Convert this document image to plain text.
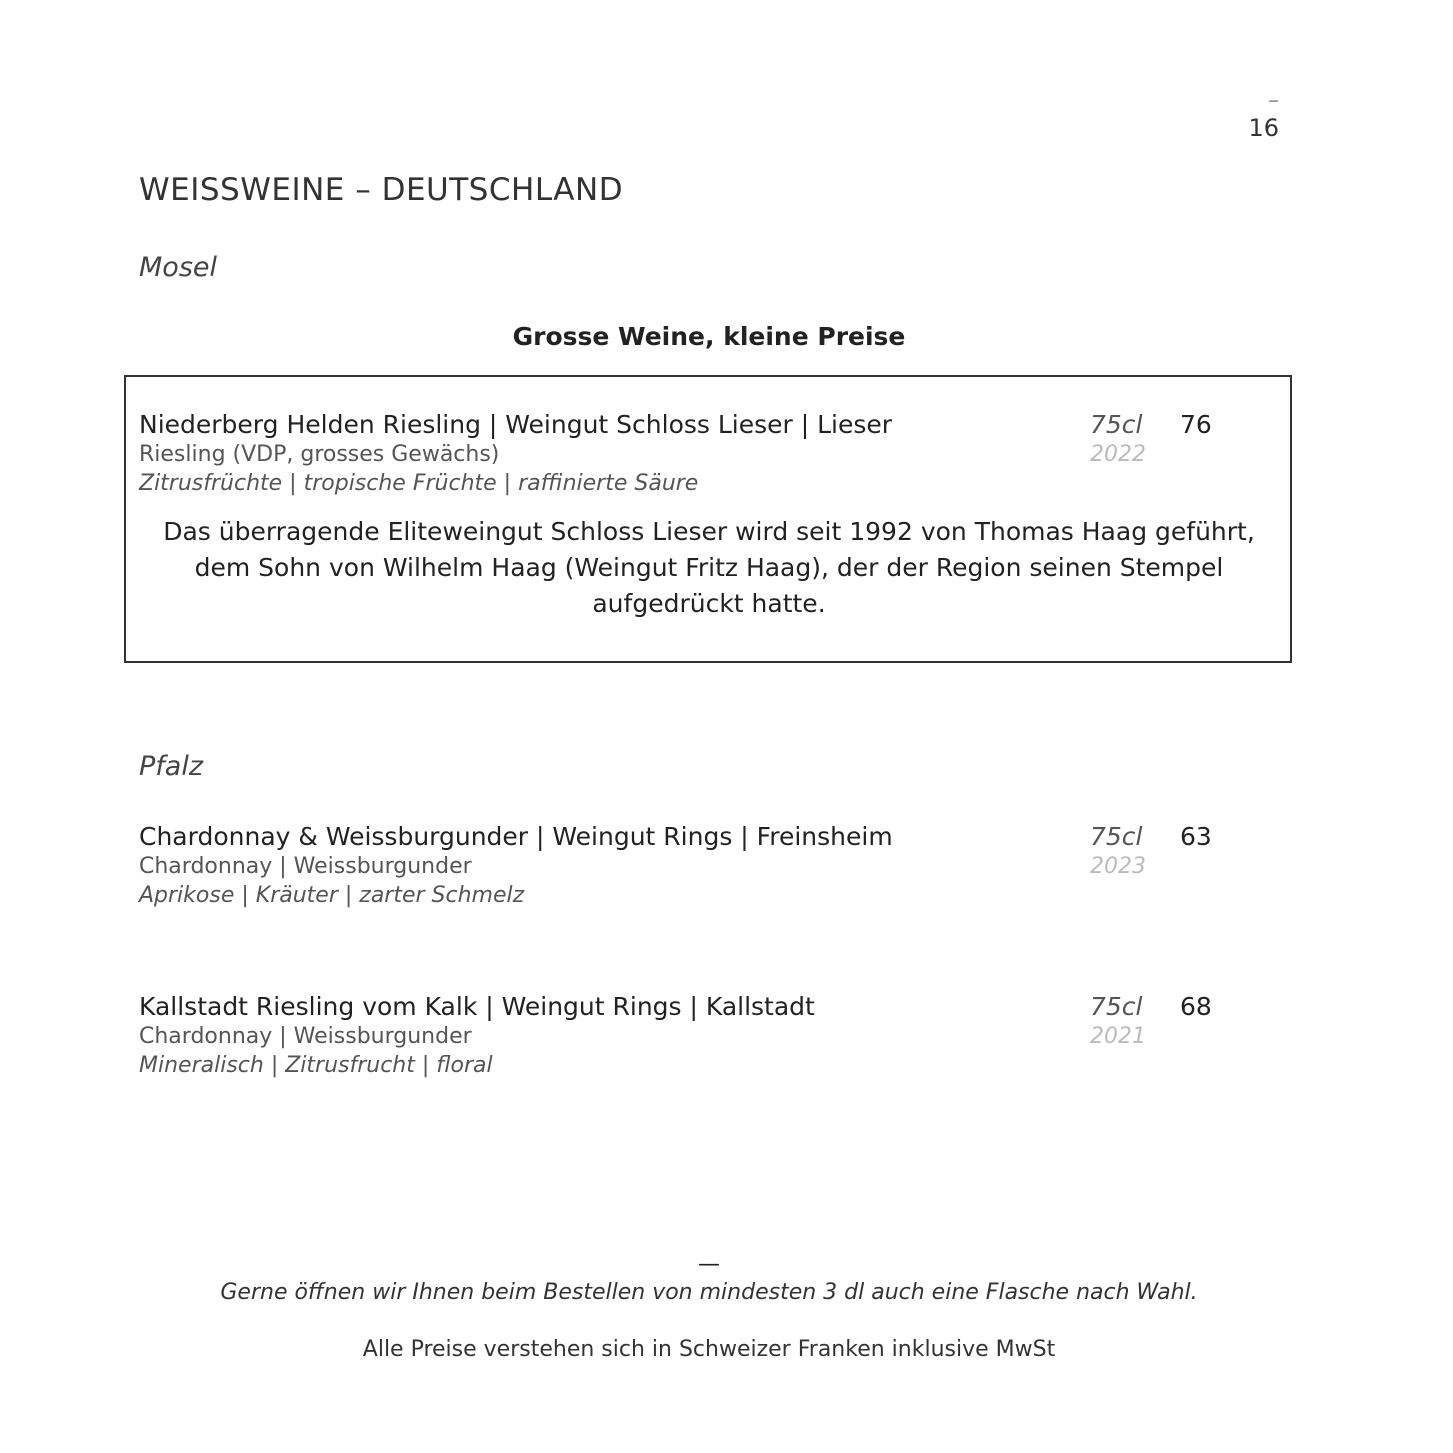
–
16
WEISSWEINE – DEUTSCHLAND
Mosel
Grosse Weine, kleine Preise
Niederberg Helden Riesling | Weingut Schloss Lieser | Lieser
Riesling (VDP, grosses Gewächs)
Zitrusfrüchte | tropische Früchte | raffinierte Säure
75cl
2022
76
Das überragende Eliteweingut Schloss Lieser wird seit 1992 von Thomas Haag geführt, dem Sohn von Wilhelm Haag (Weingut Fritz Haag), der der Region seinen Stempel aufgedrückt hatte.
Pfalz
Chardonnay & Weissburgunder | Weingut Rings | Freinsheim
Chardonnay | Weissburgunder
Aprikose | Kräuter | zarter Schmelz
75cl
2023
63
Kallstadt Riesling vom Kalk | Weingut Rings | Kallstadt
Chardonnay | Weissburgunder
Mineralisch | Zitrusfrucht | floral
75cl
2021
68
—
Gerne öffnen wir Ihnen beim Bestellen von mindesten 3 dl auch eine Flasche nach Wahl.
Alle Preise verstehen sich in Schweizer Franken inklusive MwSt
